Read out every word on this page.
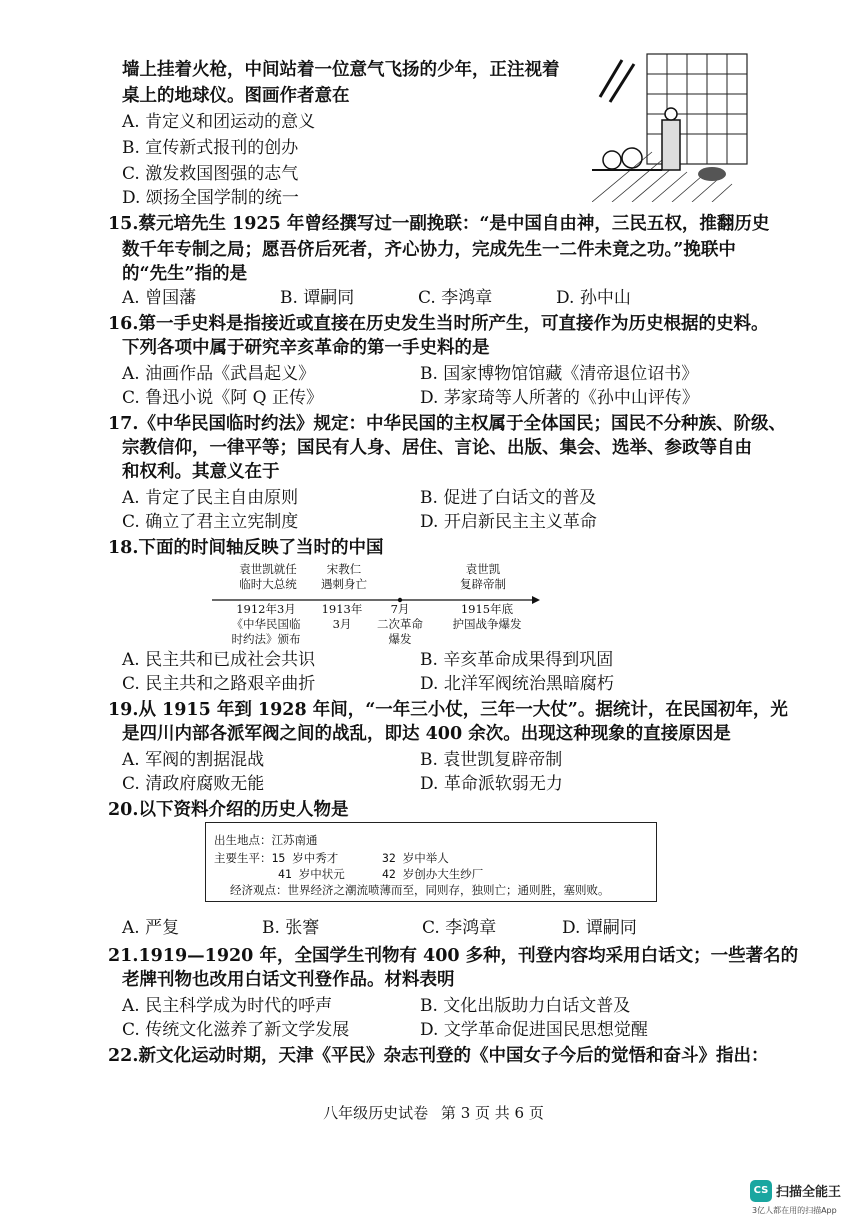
墙上挂着火枪，中间站着一位意气飞扬的少年，正注视着
桌上的地球仪。图画作者意在
A. 肯定义和团运动的意义
B. 宣传新式报刊的创办
C. 激发救国图强的志气
D. 颂扬全国学制的统一
15.蔡元培先生 1925 年曾经撰写过一副挽联：“是中国自由神，三民五权，推翻历史
数千年专制之局；愿吾侪后死者，齐心协力，完成先生一二件未竟之功。”挽联中
的“先生”指的是
A. 曾国藩	B. 谭嗣同	C. 李鸿章	D. 孙中山
16.第一手史料是指接近或直接在历史发生当时所产生，可直接作为历史根据的史料。
下列各项中属于研究辛亥革命的第一手史料的是
A. 油画作品《武昌起义》	B. 国家博物馆馆藏《清帝退位诏书》
C. 鲁迅小说《阿 Q 正传》	D. 茅家琦等人所著的《孙中山评传》
17.《中华民国临时约法》规定：中华民国的主权属于全体国民；国民不分种族、阶级、
宗教信仰，一律平等；国民有人身、居住、言论、出版、集会、选举、参政等自由
和权利。其意义在于
A. 肯定了民主自由原则	B. 促进了白话文的普及
C. 确立了君主立宪制度	D. 开启新民主主义革命
18.下面的时间轴反映了当时的中国
袁世凯就任
临时大总统
宋教仁
遇刺身亡
袁世凯
复辟帝制
1912年3月
《中华民国临
时约法》颁布
1913年
3月
7月
二次革命
爆发
1915年底
护国战争爆发
A. 民主共和已成社会共识	B. 辛亥革命成果得到巩固
C. 民主共和之路艰辛曲折	D. 北洋军阀统治黑暗腐朽
19.从 1915 年到 1928 年间，“一年三小仗，三年一大仗”。据统计，在民国初年，光
是四川内部各派军阀之间的战乱，即达 400 余次。出现这种现象的直接原因是
A. 军阀的割据混战	B. 袁世凯复辟帝制
C. 清政府腐败无能	D. 革命派软弱无力
20.以下资料介绍的历史人物是
出生地点：江苏南通
主要生平：15 岁中秀才	32 岁中举人
41 岁中状元	42 岁创办大生纱厂
经济观点：世界经济之潮流喷薄而至，同则存，独则亡；通则胜，塞则败。
A. 严复	B. 张謇	C. 李鸿章	D. 谭嗣同
21.1919—1920 年，全国学生刊物有 400 多种，刊登内容均采用白话文；一些著名的
老牌刊物也改用白话文刊登作品。材料表明
A. 民主科学成为时代的呼声	B. 文化出版助力白话文普及
C. 传统文化滋养了新文学发展	D. 文学革命促进国民思想觉醒
22.新文化运动时期，天津《平民》杂志刊登的《中国女子今后的觉悟和奋斗》指出：
八年级历史试卷 第 3 页 共 6 页
CS 扫描全能王
3亿人都在用的扫描App
